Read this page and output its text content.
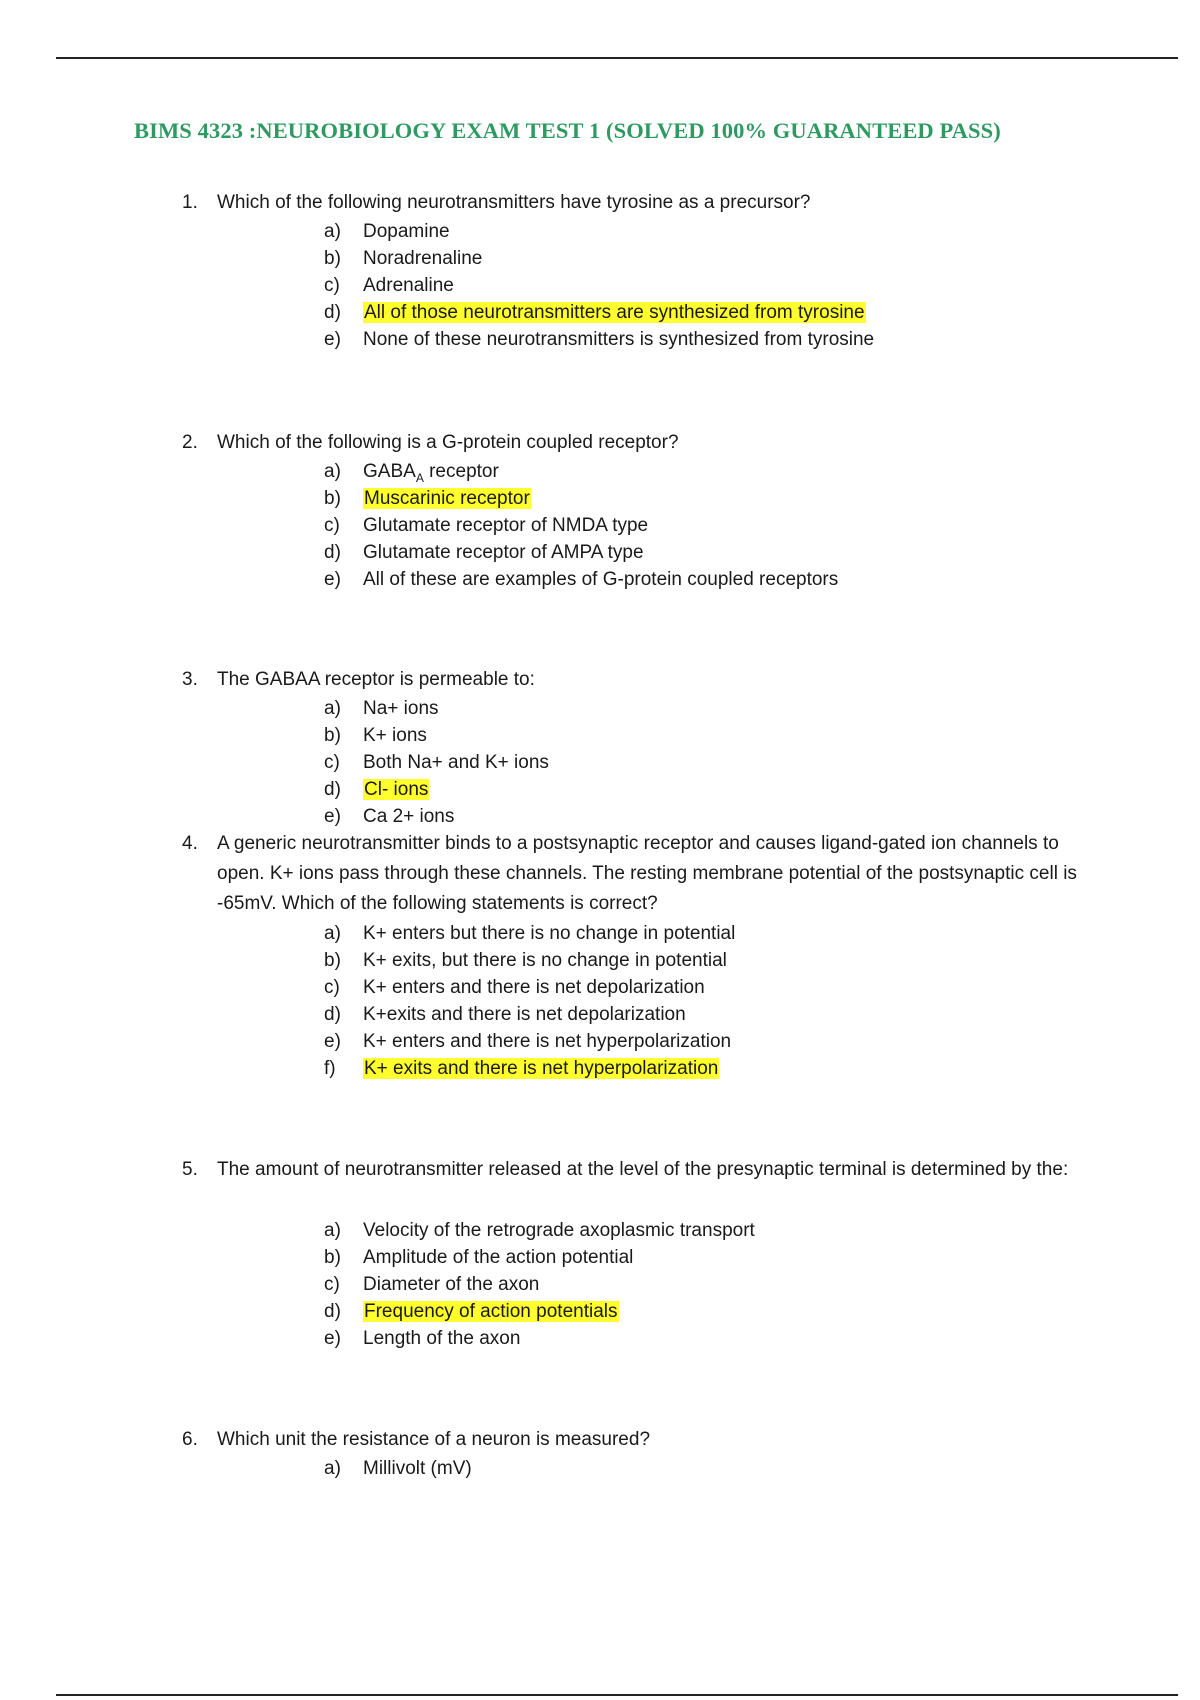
BIMS 4323 :NEUROBIOLOGY EXAM TEST 1 (SOLVED 100% GUARANTEED PASS)
1. Which of the following neurotransmitters have tyrosine as a precursor?
a) Dopamine
b) Noradrenaline
c) Adrenaline
d) All of those neurotransmitters are synthesized from tyrosine
e) None of these neurotransmitters is synthesized from tyrosine
2. Which of the following is a G-protein coupled receptor?
a) $GABA_A$ receptor
b) Muscarinic receptor
c) Glutamate receptor of NMDA type
d) Glutamate receptor of AMPA type
e) All of these are examples of G-protein coupled receptors
3. The GABAA receptor is permeable to:
a) Na+ ions
b) K+ ions
c) Both Na+ and K+ ions
d) Cl- ions
e) Ca 2+ ions
4. A generic neurotransmitter binds to a postsynaptic receptor and causes ligand-gated ion channels to open. K+ ions pass through these channels. The resting membrane potential of the postsynaptic cell is -65mV. Which of the following statements is correct?
a) K+ enters but there is no change in potential
b) K+ exits, but there is no change in potential
c) K+ enters and there is net depolarization
d) K+exits and there is net depolarization
e) K+ enters and there is net hyperpolarization
f) K+ exits and there is net hyperpolarization
5. The amount of neurotransmitter released at the level of the presynaptic terminal is determined by the:
a) Velocity of the retrograde axoplasmic transport
b) Amplitude of the action potential
c) Diameter of the axon
d) Frequency of action potentials
e) Length of the axon
6. Which unit the resistance of a neuron is measured?
a) Millivolt (mV)
